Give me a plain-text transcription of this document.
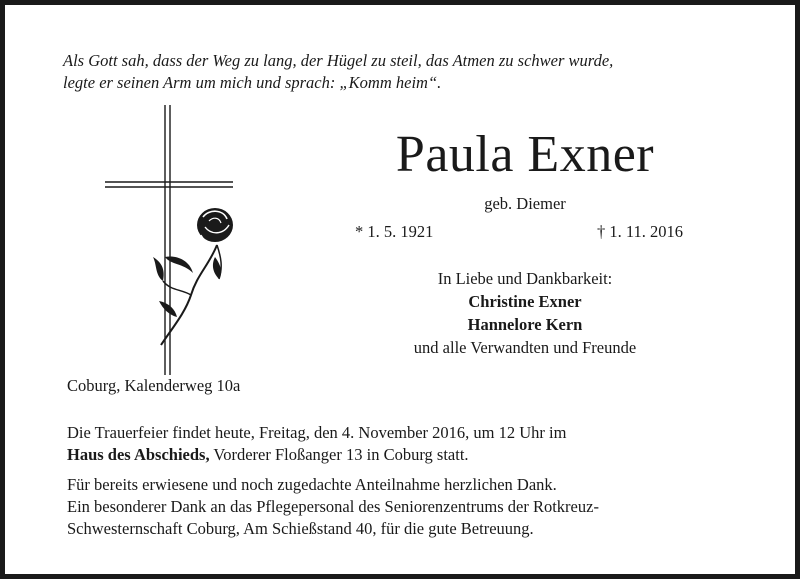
Als Gott sah, dass der Weg zu lang, der Hügel zu steil, das Atmen zu schwer wurde,
legte er seinen Arm um mich und sprach: „Komm heim“.
Paula Exner
geb. Diemer
* 1. 5. 1921	† 1. 11. 2016
In Liebe und Dankbarkeit:
Christine Exner
Hannelore Kern
und alle Verwandten und Freunde
Coburg, Kalenderweg 10a
Die Trauerfeier findet heute, Freitag, den 4. November 2016, um 12 Uhr im
Haus des Abschieds, Vorderer Floßanger 13 in Coburg statt.
Für bereits erwiesene und noch zugedachte Anteilnahme herzlichen Dank.
Ein besonderer Dank an das Pflegepersonal des Seniorenzentrums der Rotkreuz-
Schwesternschaft Coburg, Am Schießstand 40, für die gute Betreuung.
